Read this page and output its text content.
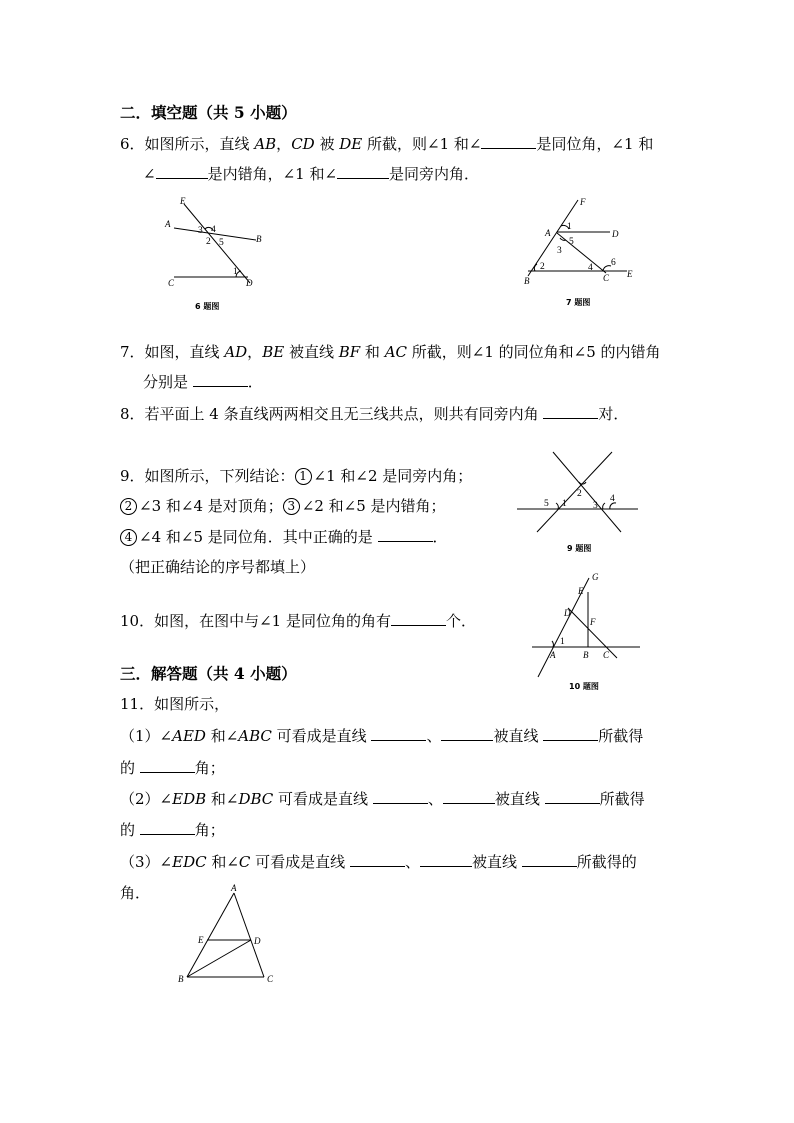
二．填空题（共 5 小题）
6．如图所示，直线 AB，CD 被 DE 所截，则∠1 和∠	是同位角，∠1 和
∠	是内错角，∠1 和∠	是同旁内角．
E
A
B
C	D
3 4
2 5
1
6 题图
F
A	D
B	C E
1
5
3
2	4 6
7 题图
7．如图，直线 AD，BE 被直线 BF 和 AC 所截，则∠1 的同位角和∠5 的内错角
分别是	．
8．若平面上 4 条直线两两相交且无三线共点，则共有同旁内角	对．
9．如图所示，下列结论： 1 ∠1 和∠2 是同旁内角；
2 ∠3 和∠4 是对顶角； 3 ∠2 和∠5 是内错角；
4 ∠4 和∠5 是同位角．其中正确的是	．
（把正确结论的序号都填上）
2
1
5	3
4
9 题图
10．如图，在图中与∠1 是同位角的角有	个．
G
E
D
F
A	B C
1
10 题图
三．解答题（共 4 小题）
11．如图所示，
（1）∠AED 和∠ABC 可看成是直线	、	被直线	所截得
的	角；
（2）∠EDB 和∠DBC 可看成是直线	、	被直线	所截得
的	角；
（3）∠EDC 和∠C 可看成是直线	、	被直线	所截得的
角．	A
E	D
B	C
